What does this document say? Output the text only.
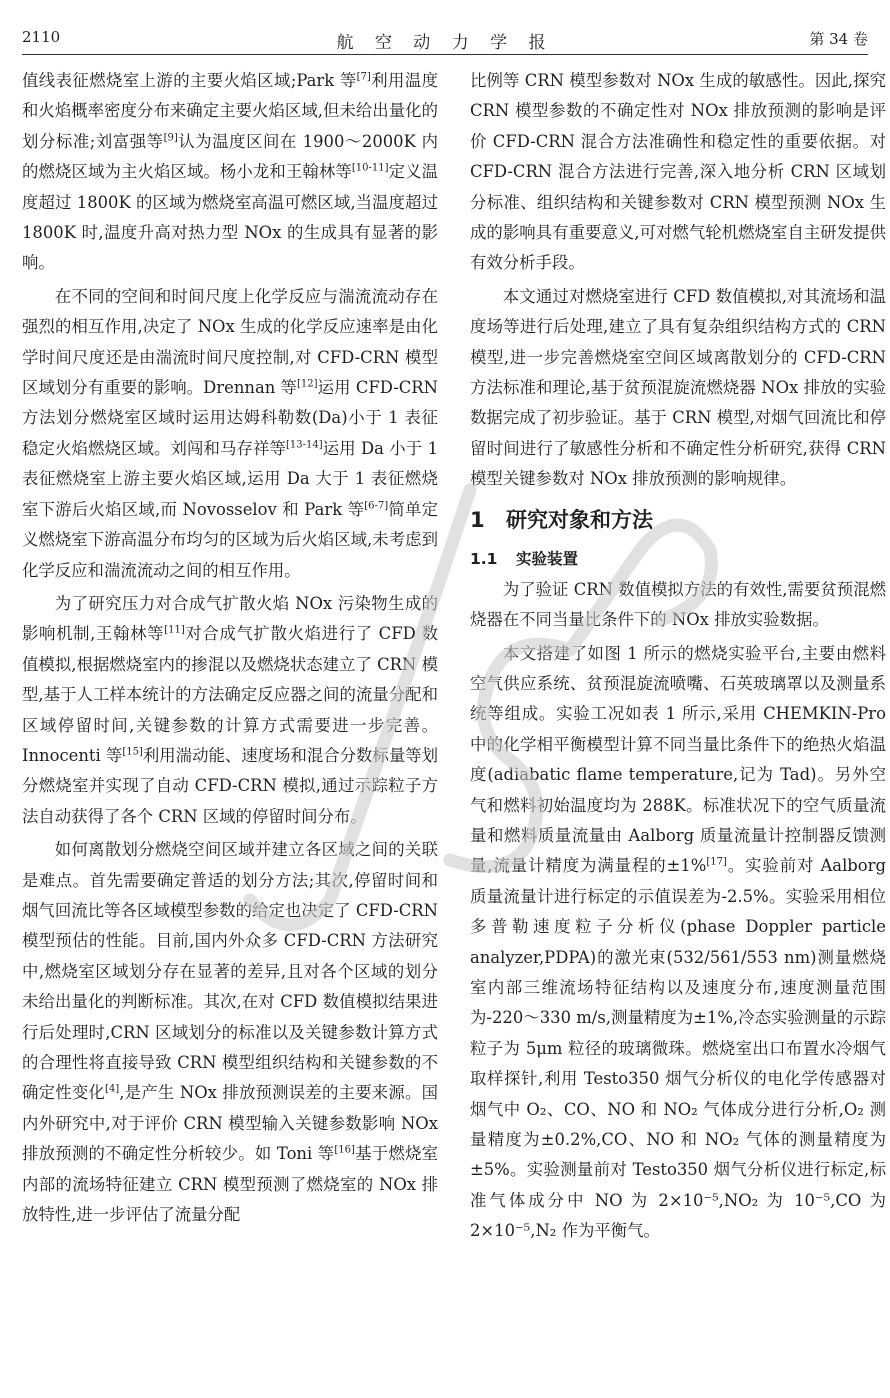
2110	航 空 动 力 学 报	第 34 卷

值线表征燃烧室上游的主要火焰区域;Park 等[7]利用温度和火焰概率密度分布来确定主要火焰区域,但未给出量化的划分标准;刘富强等[9]认为温度区间在 1900～2000K 内的燃烧区域为主火焰区域。杨小龙和王翰林等[10-11]定义温度超过 1800K 的区域为燃烧室高温可燃区域,当温度超过 1800K 时,温度升高对热力型 NOx 的生成具有显著的影响。

在不同的空间和时间尺度上化学反应与湍流流动存在强烈的相互作用,决定了 NOx 生成的化学反应速率是由化学时间尺度还是由湍流时间尺度控制,对 CFD-CRN 模型区域划分有重要的影响。Drennan 等[12]运用 CFD-CRN 方法划分燃烧室区域时运用达姆科勒数(Da)小于 1 表征稳定火焰燃烧区域。刘闯和马存祥等[13-14]运用 Da 小于 1 表征燃烧室上游主要火焰区域,运用 Da 大于 1 表征燃烧室下游后火焰区域,而 Novosselov 和 Park 等[6-7]简单定义燃烧室下游高温分布均匀的区域为后火焰区域,未考虑到化学反应和湍流流动之间的相互作用。

为了研究压力对合成气扩散火焰 NOx 污染物生成的影响机制,王翰林等[11]对合成气扩散火焰进行了 CFD 数值模拟,根据燃烧室内的掺混以及燃烧状态建立了 CRN 模型,基于人工样本统计的方法确定反应器之间的流量分配和区域停留时间,关键参数的计算方式需要进一步完善。Innocenti 等[15]利用湍动能、速度场和混合分数标量等划分燃烧室并实现了自动 CFD-CRN 模拟,通过示踪粒子方法自动获得了各个 CRN 区域的停留时间分布。

如何离散划分燃烧空间区域并建立各区域之间的关联是难点。首先需要确定普适的划分方法;其次,停留时间和烟气回流比等各区域模型参数的给定也决定了 CFD-CRN 模型预估的性能。目前,国内外众多 CFD-CRN 方法研究中,燃烧室区域划分存在显著的差异,且对各个区域的划分未给出量化的判断标准。其次,在对 CFD 数值模拟结果进行后处理时,CRN 区域划分的标准以及关键参数计算方式的合理性将直接导致 CRN 模型组织结构和关键参数的不确定性变化[4],是产生 NOx 排放预测误差的主要来源。国内外研究中,对于评价 CRN 模型输入关键参数影响 NOx 排放预测的不确定性分析较少。如 Toni 等[16]基于燃烧室内部的流场特征建立 CRN 模型预测了燃烧室的 NOx 排放特性,进一步评估了流量分配

比例等 CRN 模型参数对 NOx 生成的敏感性。因此,探究 CRN 模型参数的不确定性对 NOx 排放预测的影响是评价 CFD-CRN 混合方法准确性和稳定性的重要依据。对 CFD-CRN 混合方法进行完善,深入地分析 CRN 区域划分标准、组织结构和关键参数对 CRN 模型预测 NOx 生成的影响具有重要意义,可对燃气轮机燃烧室自主研发提供有效分析手段。

本文通过对燃烧室进行 CFD 数值模拟,对其流场和温度场等进行后处理,建立了具有复杂组织结构方式的 CRN 模型,进一步完善燃烧室空间区域离散划分的 CFD-CRN 方法标准和理论,基于贫预混旋流燃烧器 NOx 排放的实验数据完成了初步验证。基于 CRN 模型,对烟气回流比和停留时间进行了敏感性分析和不确定性分析研究,获得 CRN 模型关键参数对 NOx 排放预测的影响规律。

1 研究对象和方法
1.1 实验装置

为了验证 CRN 数值模拟方法的有效性,需要贫预混燃烧器在不同当量比条件下的 NOx 排放实验数据。

本文搭建了如图 1 所示的燃烧实验平台,主要由燃料空气供应系统、贫预混旋流喷嘴、石英玻璃罩以及测量系统等组成。实验工况如表 1 所示,采用 CHEMKIN-Pro 中的化学相平衡模型计算不同当量比条件下的绝热火焰温度(adiabatic flame temperature,记为 Tad)。另外空气和燃料初始温度均为 288K。标准状况下的空气质量流量和燃料质量流量由 Aalborg 质量流量计控制器反馈测量,流量计精度为满量程的±1%[17]。实验前对 Aalborg 质量流量计进行标定的示值误差为-2.5%。实验采用相位多普勒速度粒子分析仪(phase Doppler particle analyzer,PDPA)的激光束(532/561/553 nm)测量燃烧室内部三维流场特征结构以及速度分布,速度测量范围为-220～330 m/s,测量精度为±1%,冷态实验测量的示踪粒子为 5μm 粒径的玻璃微珠。燃烧室出口布置水冷烟气取样探针,利用 Testo350 烟气分析仪的电化学传感器对烟气中 O₂、CO、NO 和 NO₂ 气体成分进行分析,O₂ 测量精度为±0.2%,CO、NO 和 NO₂ 气体的测量精度为±5%。实验测量前对 Testo350 烟气分析仪进行标定,标准气体成分中 NO 为 2×10⁻⁵,NO₂ 为 10⁻⁵,CO 为 2×10⁻⁵,N₂ 作为平衡气。
